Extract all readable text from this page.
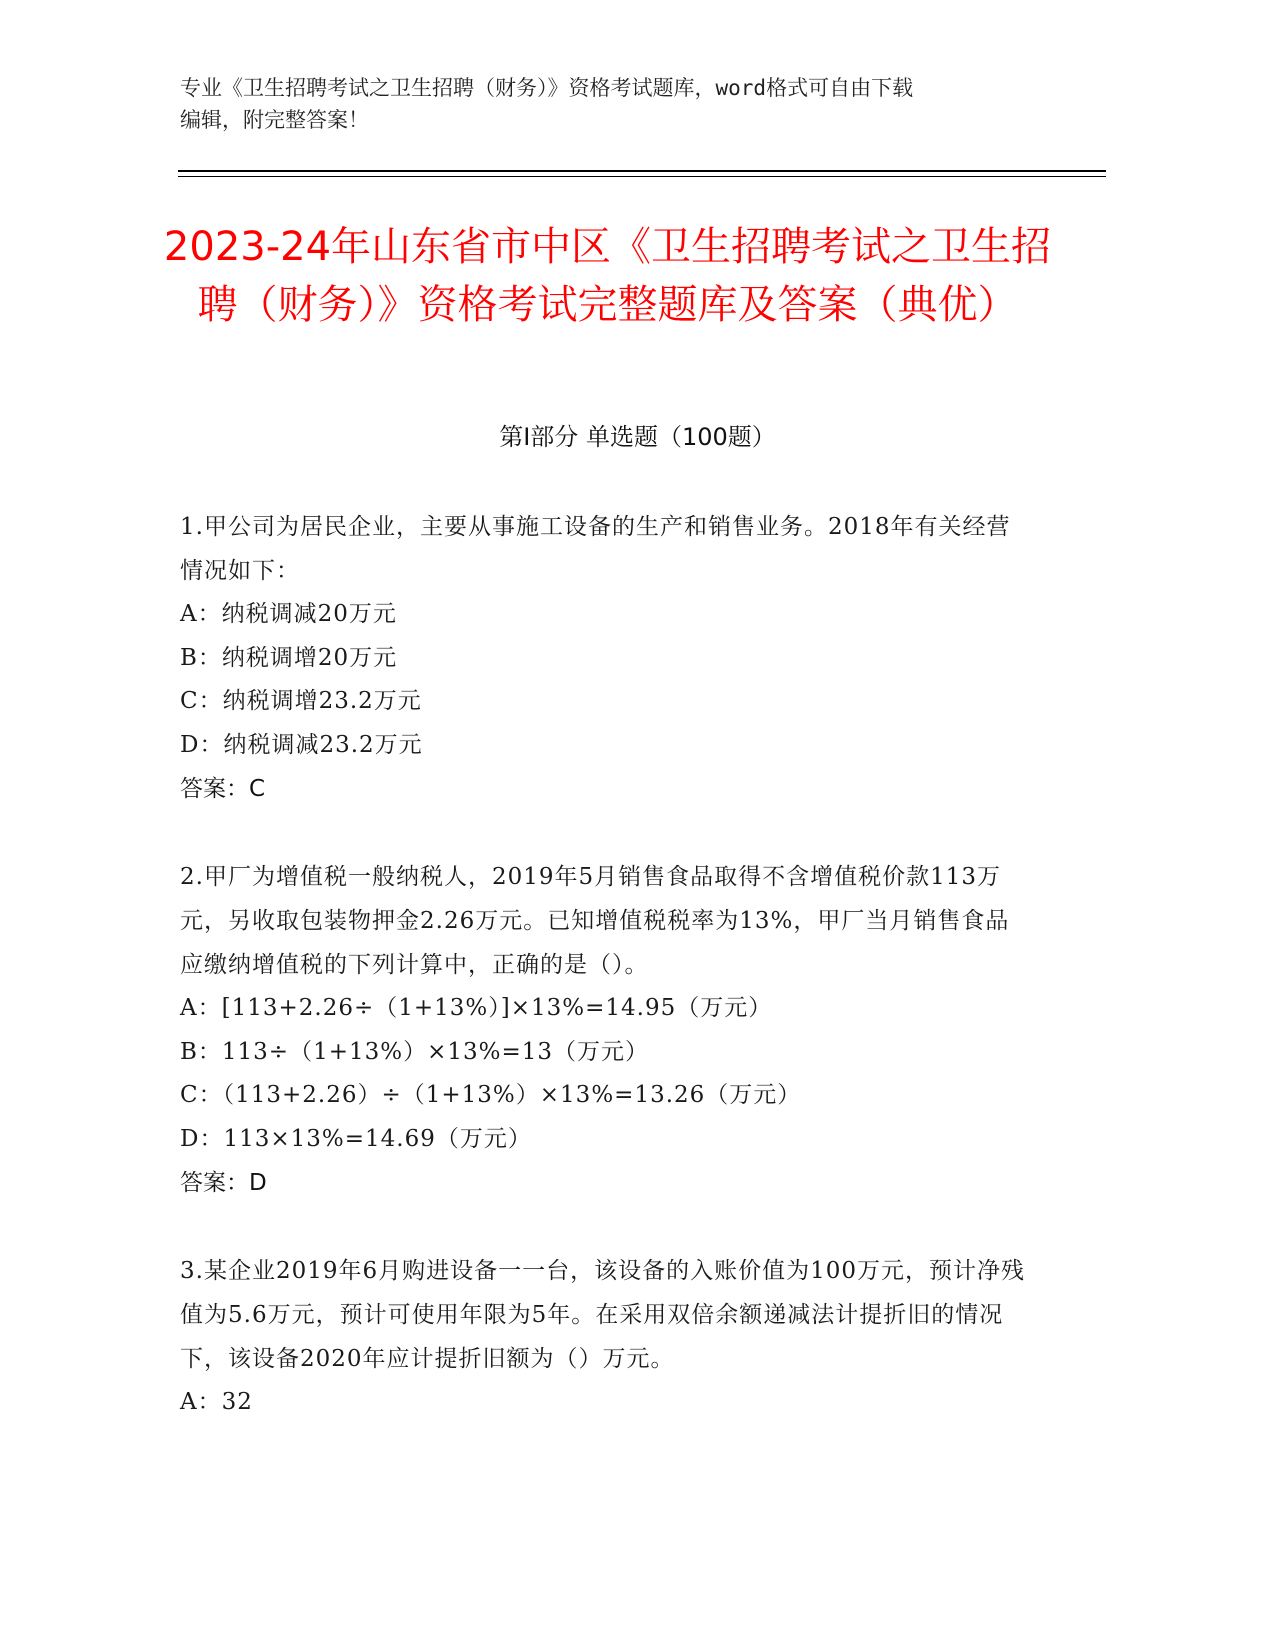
专业《卫生招聘考试之卫生招聘（财务）》资格考试题库，word格式可自由下载
编辑，附完整答案！
2023-24年山东省市中区《卫生招聘考试之卫生招聘（财务）》资格考试完整题库及答案（典优）
第I部分 单选题（100题）
1.甲公司为居民企业，主要从事施工设备的生产和销售业务。2018年有关经营情况如下：
A：纳税调减20万元
B：纳税调增20万元
C：纳税调增23.2万元
D：纳税调减23.2万元
答案：C
2.甲厂为增值税一般纳税人，2019年5月销售食品取得不含增值税价款113万元，另收取包装物押金2.26万元。已知增值税税率为13%，甲厂当月销售食品应缴纳增值税的下列计算中，正确的是（）。
A：[113+2.26÷（1+13%）]×13%=14.95（万元）
B：113÷（1+13%）×13%=13（万元）
C：（113+2.26）÷（1+13%）×13%=13.26（万元）
D：113×13%=14.69（万元）
答案：D
3.某企业2019年6月购进设备一一台，该设备的入账价值为100万元，预计净残值为5.6万元，预计可使用年限为5年。在采用双倍余额递减法计提折旧的情况下，该设备2020年应计提折旧额为（）万元。
A：32
